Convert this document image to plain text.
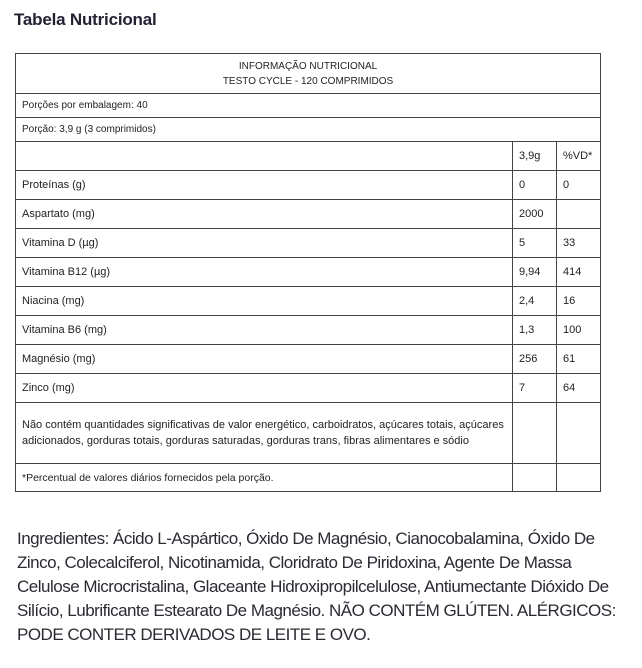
Tabela Nutricional
INFORMAÇÃO NUTRICIONAL
TESTO CYCLE - 120 COMPRIMIDOS		

Porções por embalagem: 40		
Porção: 3,9 g (3 comprimidos)		
	3,9g	%VD*
Proteínas (g)	0	0
Aspartato (mg)	2000	
Vitamina D (µg)	5	33
Vitamina B12 (µg)	9,94	414
Niacina (mg)	2,4	16
Vitamina B6 (mg)	1,3	100
Magnésio (mg)	256	61
Zinco (mg)	7	64
Não contém quantidades significativas de valor energético, carboidratos, açúcares totais, açúcares adicionados, gorduras totais, gorduras saturadas, gorduras trans, fibras alimentares e sódio		
*Percentual de valores diários fornecidos pela porção.		
Ingredientes: Ácido L-Aspártico, Óxido De Magnésio, Cianocobalamina, Óxido De Zinco, Colecalciferol, Nicotinamida, Cloridrato De Piridoxina, Agente De Massa Celulose Microcristalina, Glaceante Hidroxipropilcelulose, Antiumectante Dióxido De Silício, Lubrificante Estearato De Magnésio. NÃO CONTÉM GLÚTEN. ALÉRGICOS: PODE CONTER DERIVADOS DE LEITE E OVO.
